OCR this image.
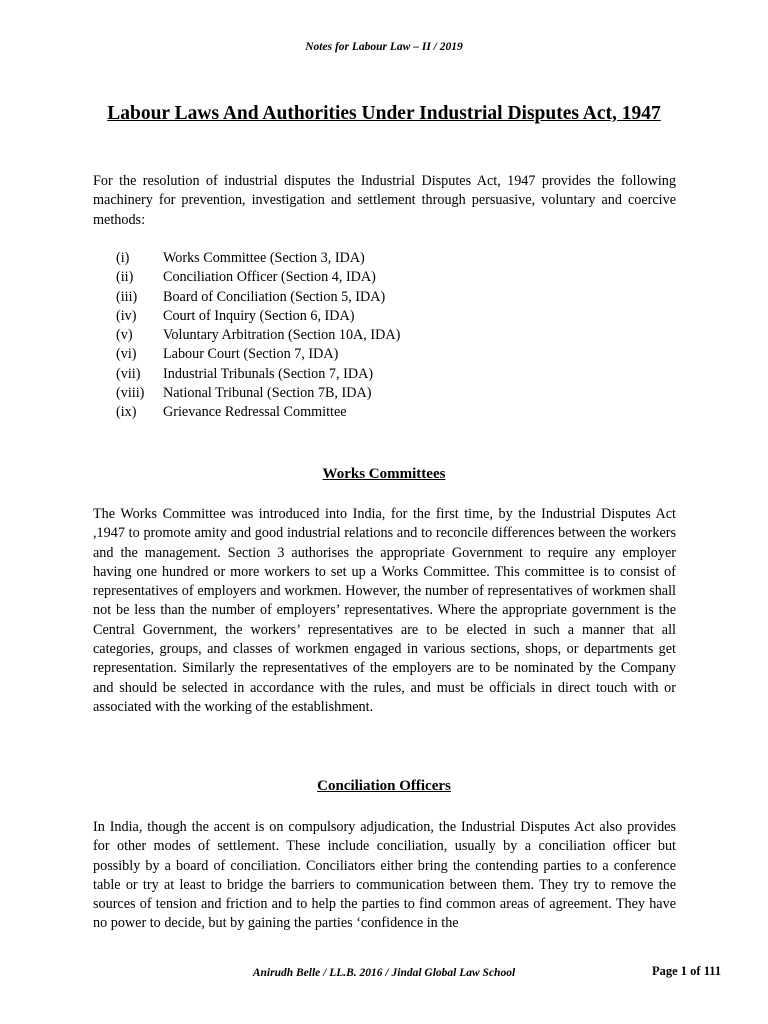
Notes for Labour Law – II / 2019
Labour Laws And Authorities Under Industrial Disputes Act, 1947
For the resolution of industrial disputes the Industrial Disputes Act, 1947 provides the following machinery for prevention, investigation and settlement through persuasive, voluntary and coercive methods:
(i)	Works Committee (Section 3, IDA)
(ii)	Conciliation Officer (Section 4, IDA)
(iii)	Board of Conciliation (Section 5, IDA)
(iv)	Court of Inquiry (Section 6, IDA)
(v)	Voluntary Arbitration (Section 10A, IDA)
(vi)	Labour Court (Section 7, IDA)
(vii)	Industrial Tribunals (Section 7, IDA)
(viii)	National Tribunal (Section 7B, IDA)
(ix)	Grievance Redressal Committee
Works Committees
The Works Committee was introduced into India, for the first time, by the Industrial Disputes Act ,1947 to promote amity and good industrial relations and to reconcile differences between the workers and the management. Section 3 authorises the appropriate Government to require any employer having one hundred or more workers to set up a Works Committee. This committee is to consist of representatives of employers and workmen. However, the number of representatives of workmen shall not be less than the number of employers’ representatives. Where the appropriate government is the Central Government, the workers’ representatives are to be elected in such a manner that all categories, groups, and classes of workmen engaged in various sections, shops, or departments get representation. Similarly the representatives of the employers are to be nominated by the Company and should be selected in accordance with the rules, and must be officials in direct touch with or associated with the working of the establishment.
Conciliation Officers
In India, though the accent is on compulsory adjudication, the Industrial Disputes Act also provides for other modes of settlement. These include conciliation, usually by a conciliation officer but possibly by a board of conciliation. Conciliators either bring the contending parties to a conference table or try at least to bridge the barriers to communication between them. They try to remove the sources of tension and friction and to help the parties to find common areas of agreement. They have no power to decide, but by gaining the parties ‘confidence in the
Anirudh Belle / LL.B. 2016 / Jindal Global Law School	Page 1 of 111
